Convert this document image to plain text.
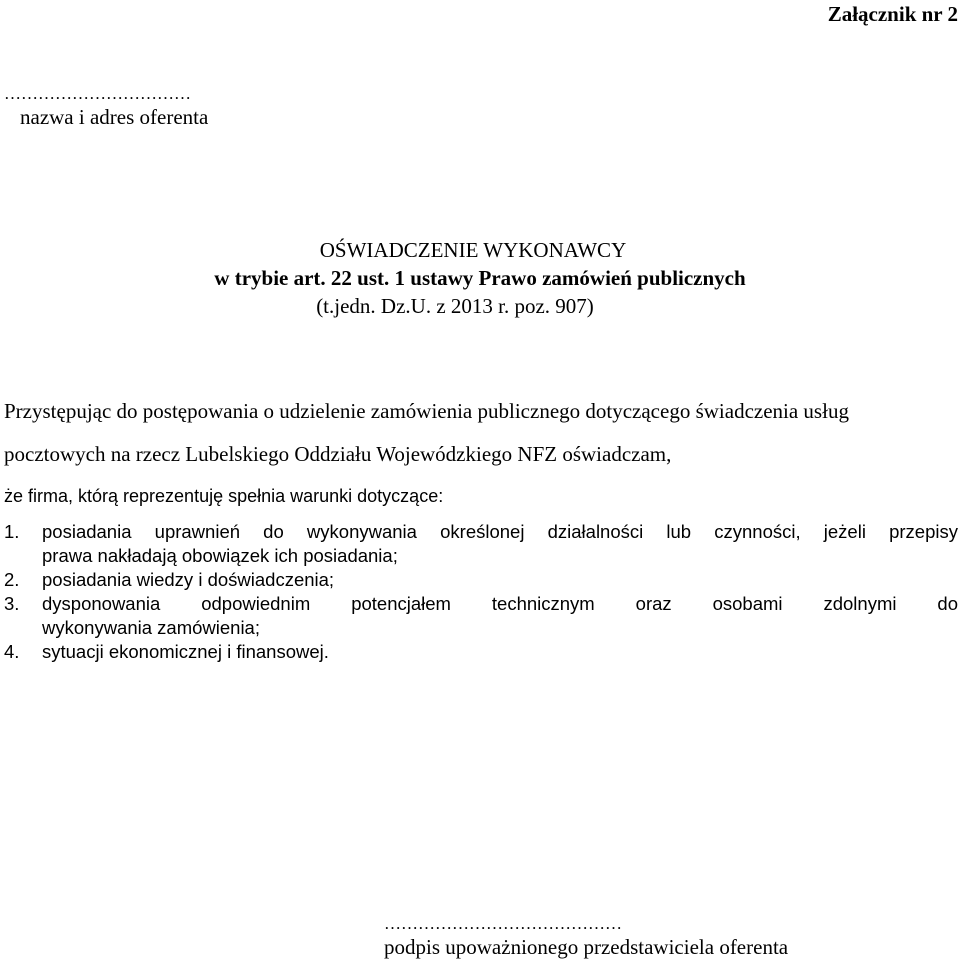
Załącznik nr 2

……………………………

nazwa i adres oferenta

OŚWIADCZENIE WYKONAWCY

w trybie art. 22 ust. 1 ustawy Prawo zamówień publicznych

(t.jedn. Dz.U. z 2013 r. poz. 907)

Przystępując do postępowania o udzielenie zamówienia publicznego dotyczącego świadczenia usług

pocztowych na rzecz Lubelskiego Oddziału Wojewódzkiego NFZ oświadczam,

że firma, którą reprezentuję spełnia warunki dotyczące:

1. posiadania uprawnień do wykonywania określonej działalności lub czynności, jeżeli przepisy
prawa nakładają obowiązek ich posiadania;
2. posiadania wiedzy i doświadczenia;
3. dysponowania odpowiednim potencjałem technicznym oraz osobami zdolnymi do
wykonywania zamówienia;
4. sytuacji ekonomicznej i finansowej.

……………………………………

podpis upoważnionego przedstawiciela oferenta
